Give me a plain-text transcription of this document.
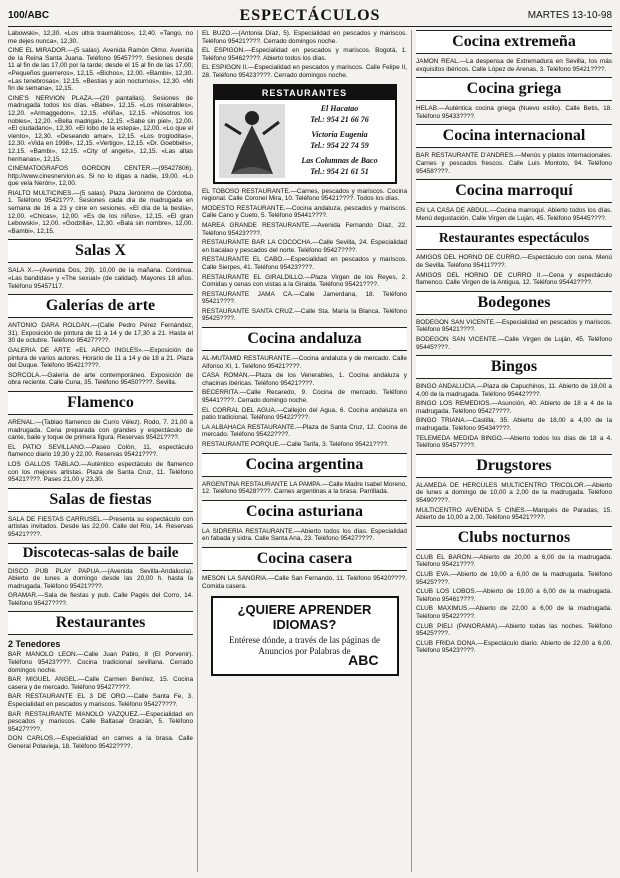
100/ABC	ESPECTÁCULOS	MARTES 13-10-98

Labowski», 12,30. «Los ultra traumáticos», 12,40. «Tango, no me dejes nunca», 12,30.

CINE EL MIRADOR.—(5 salas). Avenida Ramón Olmo. Avenida de la Reina Santa Juana. Teléfono 95457???. Sesiones desde 11 al fin de las 17,00 por la tarde; desde el 15 al fin de las 17,00; «Pequeños guerreros», 12,15. «Bichos», 12,00. «Bambi», 12,30. «Las tenebrosas», 12,15. «Bestias y aún nocturnos», 12,30. «Mi fin de semana», 12,15.

CINE'S NERVIÓN PLAZA.—(20 pantallas). Sesiones de madrugada todos los días. «Babe», 12,15. «Los miserables», 12,20. «Armaggedon», 12,15. «Niña», 12,15. «Nosotros los nobles», 12,20. «Bella madrigal», 12,15. «Sabe sin piel», 12,00. «El ciudadano», 12,30. «El lobo de la estepa», 12,00. «Lo que el viento», 12,30. «Deseando amar», 12,15. «Los trogloditas», 12,30. «Vida en 1998», 12,15. «Vertigo», 12,15. «Dr. Goebbels», 12,15. «Bambi», 12,15. «City of angels», 12,15. «Las altas hermanas», 12,15.

CINEMATOGRAFOS GORDÓN CENTER.—(95427806). http://www.cinesnervion.es. Si no lo digas a nadie, 19,00. «Lo que veía Nerón», 12,00.

RIALTO MULTICINES.—(5 salas). Plaza Jerónimo de Córdoba, 1. Teléfono 95421???. Sesiones cada día de madrugada en semana de 16 a 23 y cine en sesiones. «El día de la bestia», 12,00. «Chicas», 12,00. «Es de los niños», 12,15. «El gran Lebowski», 12,00. «Godzilla», 12,30. «Bala sin nombre», 12,00. «Bambi», 12,15.

Salas X

SALA X.—(Avenida Dos, 29). 10,00 de la mañana. Continua. «Las bandidas» y «The sexual» (de calidad). Mayores 18 años. Teléfono 95457117.

Galerías de arte

ANTONIO DÁRA ROLDÁN.—(Calle Pedro Pérez Fernández, 31). Exposición de pintura de 11 a 14 y de 17,30 a 21. Hasta el 30 de octubre. Teléfono 95427????.

GALERÍA DE ARTE «EL ARCO INGLÉS».—Exposición de pintura de varios autores. Horario de 11 a 14 y de 18 a 21. Plaza del Duque. Teléfono 95421????.

SORCOLA.—Galería de arte contemporáneo. Exposición de obra reciente. Calle Cuna, 35. Teléfono 95450????. Sevilla.

Flamenco

ARENAL.—(Tablao flamenco de Curro Vélez). Rodo, 7. 21,00 a madrugada. Cena preparada con grandes y espectáculo de cante, baile y toque de primera figura. Reservas 95421????.

EL PATIO SEVILLANO.—Paseo Colón, 11, espectáculo flamenco diario 19,30 y 22,00. Reservas 95421????.

LOS GALLOS TABLAO.—Auténtico espectáculo de flamenco con los mejores artistas. Plaza de Santa Cruz, 11. Teléfono 95421????. Pases 21,00 y 23,30.

Salas de fiestas

SALA DE FIESTAS CARRUSEL.—Presenta su espectáculo con artistas invitados. Desde las 22,00. Calle del Río, 14. Reservas 95421????.

Discotecas-salas de baile

DISCO PUB PLAY PAPUA.—(Avenida Sevilla-Andalucía). Abierto de lunes a domingo desde las 20,00 h. hasta la madrugada. Teléfono 95421????.

GRAMAR.—Sala de fiestas y pub. Calle Pagés del Corro, 14. Teléfono 95427????.

Restaurantes
2 Tenedores

BAR MANOLO LEÓN.—Calle Juan Pablo, 8 (El Porvenir). Teléfono 95423????. Cocina tradicional sevillana. Cerrado domingos noche.

BAR MIGUEL ÁNGEL.—Calle Carmen Benítez, 15. Cocina casera y de mercado. Teléfono 95427????.

BAR RESTAURANTE EL 3 DE ORO.—Calle Santa Fe, 3. Especialidad en pescados y mariscos. Teléfono 95427????.

BAR RESTAURANTE MANOLO VÁZQUEZ.—Especialidad en pescados y mariscos. Calle Baltasar Gracián, 5. Teléfono 95427????.

DON CARLOS.—Especialidad en carnes a la brasa. Calle General Polavieja, 18. Teléfono 95422????.

EL BUZO.—(Antonia Díaz, 5). Especialidad en pescados y mariscos. Teléfono 95421????. Cerrado domingos noche.

EL ESPIGÓN.—Especialidad en pescados y mariscos. Bogotá, 1. Teléfono 95462????. Abierto todos los días.

EL ESPIGÓN II.—Especialidad en pescados y mariscos. Calle Felipe II, 28. Teléfono 95423????. Cerrado domingos noche.

RESTAURANTES
El Hacatao
Tel.: 954 21 66 76
Victoria Eugenia
Tel.: 954 22 74 59
Las Columnas de Baco
Tel.: 954 21 61 51

EL TOBOSO RESTAURANTE.—Carnes, pescados y mariscos. Cocina regional. Calle Coronel Mira, 10. Teléfono 95421????. Todos los días.

MODESTO RESTAURANTE.—Cocina andaluza, pescados y mariscos. Calle Cano y Cueto, 5. Teléfono 95441????.

MAREA GRANDE RESTAURANTE.—Avenida Fernando Díaz, 22. Teléfono 95423????.

RESTAURANTE BAR LA COCOCHA.—Calle Sevilla, 24. Especialidad en bacalao y pescados del norte. Teléfono 95427????.

RESTAURANTE EL CABO.—Especialidad en pescados y mariscos. Calle Sierpes, 41. Teléfono 95423????.

RESTAURANTE EL GIRALDILLO.—Plaza Virgen de los Reyes, 2. Comidas y cenas con vistas a la Giralda. Teléfono 95421????.

RESTAURANTE JAMA CÁ.—Calle Jamerdana, 18. Teléfono 95421????.

RESTAURANTE SANTA CRUZ.—Calle Sta. María la Blanca. Teléfono 95425????.

Cocina andaluza

AL-MUTAMID RESTAURANTE.—Cocina andaluza y de mercado. Calle Alfonso XI, 1. Teléfono 95421????.

CASA ROMÁN.—Plaza de los Venerables, 1. Cocina andaluza y chacinas ibéricas. Teléfono 95421????.

BECERRITA.—Calle Recaredo, 9. Cocina de mercado. Teléfono 95441????. Cerrado domingo noche.

EL CORRAL DEL AGUA.—Callejón del Agua, 6. Cocina andaluza en patio tradicional. Teléfono 95422????.

LA ALBAHACA RESTAURANTE.—Plaza de Santa Cruz, 12. Cocina de mercado. Teléfono 95422????.

RESTAURANTE PORQUE.—Calle Tarifa, 3. Teléfono 95421????.

Cocina argentina

ARGENTINA RESTAURANTE LA PAMPA.—Calle Madre Isabel Moreno, 12. Teléfono 95428????. Carnes argentinas a la brasa. Parrillada.

Cocina asturiana

LA SIDRERÍA RESTAURANTE.—Abierto todos los días. Especialidad en fabada y sidra. Calle Santa Ana, 23. Teléfono 95427????.

Cocina casera

MESÓN LA SANGRÍA.—Calle San Fernando, 11. Teléfono 95420????. Comida casera.

¿QUIERE APRENDER IDIOMAS?
Entérese dónde, a través de las páginas de Anuncios por Palabras de
ABC
Cocina extremeña

JAMÓN REAL.—La despensa de Extremadura en Sevilla, los más exquisitos ibéricos. Calle López de Arenas, 3. Teléfono 95421????.

Cocina griega

HELAB.—Auténtica cocina griega (Nuevo estilo). Calle Betis, 18. Teléfono 95433????.

Cocina internacional

BAR RESTAURANTE D'ANDRES.—Menús y platos internacionales. Carnes y pescados frescos. Calle Luis Montoto, 94. Teléfono 95458????.

Cocina marroquí

EN LA CASA DE ABDUL.—Cocina marroquí. Abierto todos los días. Menú degustación. Calle Virgen de Luján, 45. Teléfono 95445????.

Restaurantes espectáculos

AMIGOS DEL HORNO DE CURRO.—Espectáculo con cena. Menú de Sevilla. Teléfono 95411????.

AMIGOS DEL HORNO DE CURRO II.—Cena y espectáculo flamenco. Calle Virgen de la Antigua, 12. Teléfono 95442????.

Bodegones

BODEGÓN SAN VICENTE.—Especialidad en pescados y mariscos. Teléfono 95421????.

BODEGÓN SAN VICENTE.—Calle Virgen de Luján, 45. Teléfono 95445????.

Bingos

BINGO ANDALUCÍA.—Plaza de Capuchinos, 11. Abierto de 18,00 a 4,00 de la madrugada. Teléfono 95442????.

BINGO LOS REMEDIOS.—Asunción, 40. Abierto de 18 a 4 de la madrugada. Teléfono 95427????.

BINGO TRIANA.—Castilla, 35. Abierto de 18,00 a 4,00 de la madrugada. Teléfono 95434????.

TELEMEDA MEDIDA BINGO.—Abierto todos los días de 18 a 4. Teléfono 95457????.

Drugstores

ALAMEDA DE HÉRCULES MULTICENTRO TRICOLOR.—Abierto de lunes a domingo de 10,00 a 2,00 de la madrugada. Teléfono 95490????.

MULTICENTRO AVENIDA 5 CINES.—Marqués de Paradas, 15. Abierto de 10,00 a 2,00. Teléfono 95421????.

Clubs nocturnos

CLUB EL BARÓN.—Abierto de 20,00 a 6,00 de la madrugada. Teléfono 95421????.

CLUB EVA.—Abierto de 19,00 a 6,00 de la madrugada. Teléfono 95425????.

CLUB LOS LOBOS.—Abierto de 19,00 a 6,00 de la madrugada. Teléfono 95461????.

CLUB MAXIMUS.—Abierto de 22,00 a 6,00 de la madrugada. Teléfono 95422????.

CLUB PIELI (PANORAMA).—Abierto todas las noches. Teléfono 95425????.

CLUB FRIDA DONA.—Espectáculo diario. Abierto de 22,00 a 6,00. Teléfono 95423????.
